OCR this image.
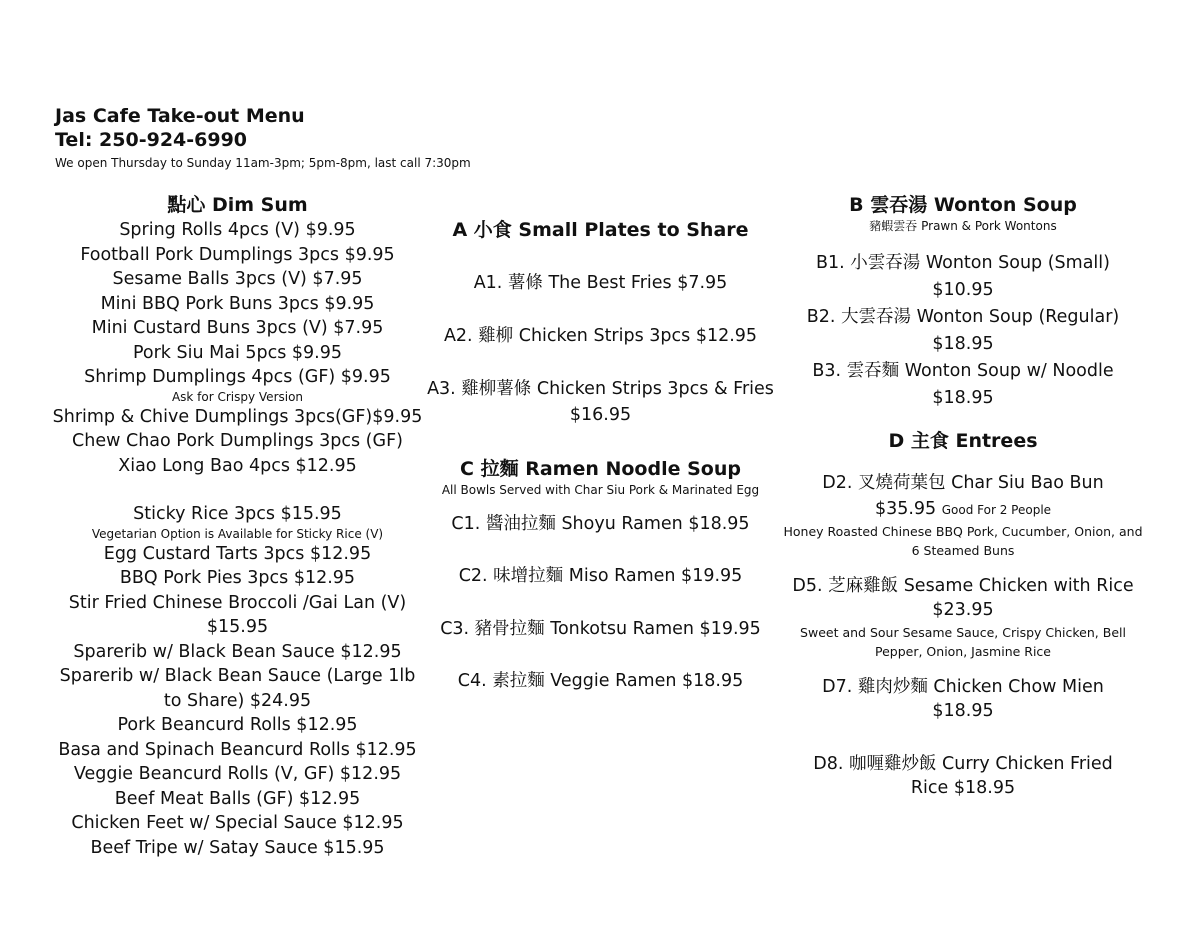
Jas Cafe Take-out Menu
Tel: 250-924-6990
We open Thursday to Sunday 11am-3pm; 5pm-8pm, last call 7:30pm
點心 Dim Sum
Spring Rolls 4pcs (V) $9.95
Football Pork Dumplings 3pcs $9.95
Sesame Balls 3pcs (V) $7.95
Mini BBQ Pork Buns 3pcs $9.95
Mini Custard Buns 3pcs (V) $7.95
Pork Siu Mai 5pcs $9.95
Shrimp Dumplings 4pcs (GF) $9.95
Ask for Crispy Version
Shrimp & Chive Dumplings 3pcs(GF)$9.95
Chew Chao Pork Dumplings 3pcs (GF)
Xiao Long Bao 4pcs $12.95
Sticky Rice 3pcs $15.95
Vegetarian Option is Available for Sticky Rice (V)
Egg Custard Tarts 3pcs $12.95
BBQ Pork Pies 3pcs $12.95
Stir Fried Chinese Broccoli /Gai Lan (V)
$15.95
Sparerib w/ Black Bean Sauce $12.95
Sparerib w/ Black Bean Sauce (Large 1lb
to Share) $24.95
Pork Beancurd Rolls $12.95
Basa and Spinach Beancurd Rolls $12.95
Veggie Beancurd Rolls (V, GF) $12.95
Beef Meat Balls (GF) $12.95
Chicken Feet w/ Special Sauce $12.95
Beef Tripe w/ Satay Sauce $15.95
A 小食 Small Plates to Share
A1. 薯條 The Best Fries $7.95
A2. 雞柳 Chicken Strips 3pcs $12.95
A3. 雞柳薯條 Chicken Strips 3pcs & Fries
$16.95
C 拉麵 Ramen Noodle Soup
All Bowls Served with Char Siu Pork & Marinated Egg
C1. 醬油拉麵 Shoyu Ramen $18.95
C2. 味增拉麵 Miso Ramen $19.95
C3. 豬骨拉麵 Tonkotsu Ramen $19.95
C4. 素拉麵 Veggie Ramen $18.95
B 雲吞湯 Wonton Soup
豬蝦雲吞 Prawn & Pork Wontons
B1. 小雲吞湯 Wonton Soup (Small)
$10.95
B2. 大雲吞湯 Wonton Soup (Regular)
$18.95
B3. 雲吞麵 Wonton Soup w/ Noodle
$18.95
D 主食 Entrees
D2. 叉燒荷葉包 Char Siu Bao Bun
$35.95 Good For 2 People
Honey Roasted Chinese BBQ Pork, Cucumber, Onion, and 6 Steamed Buns
D5. 芝麻雞飯 Sesame Chicken with Rice
$23.95
Sweet and Sour Sesame Sauce, Crispy Chicken, Bell Pepper, Onion, Jasmine Rice
D7. 雞肉炒麵 Chicken Chow Mien
$18.95
D8. 咖喱雞炒飯 Curry Chicken Fried
Rice $18.95
